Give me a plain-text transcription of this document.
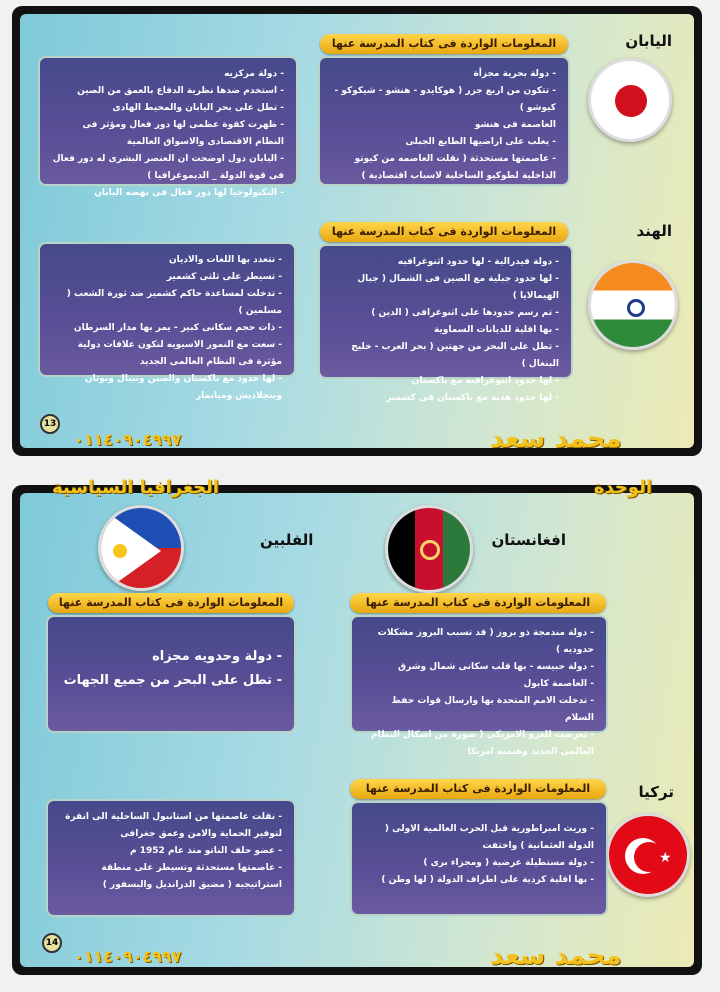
اليابان
المعلومات الواردة فى كتاب المدرسة عنها
- دولة بحرية مجزأة
- تتكون من اربع جزر ( هوكايدو - هنشو - شيكوكو - كيوشو )
العاصمة فى هنشو
- يغلب على اراضيها الطابع الجبلى
- عاصمتها مستحدثة ( نقلت العاصمه من كيوتو الداخلية لطوكيو الساحلية لاسباب اقتصادية )
- دولة مركزيه
- استخدم ضدها نظرية الدفاع بالعمق من الصين
- تطل على بحر اليابان والمحيط الهادى
- ظهرت كقوة عظمى لها دور فعال ومؤثر فى النظام الاقتصادى والاسواق العالمية
- اليابان دول اوضحت ان العنصر البشرى له دور فعال فى قوة الدولة _ الديموغرافيا )
- التكنولوجيا لها دور فعال فى نهضه اليابان
الهند
المعلومات الواردة فى كتاب المدرسة عنها
- دولة فيدرالية - لها حدود اثنوغرافيه
- لها حدود جبلية مع الصين فى الشمال ( جبال الهيمالايا )
- تم رسم حدودها على اثنوغرافى ( الدين )
- بها اقلية للديانات السماوية
- تطل على البحر من جهتين ( بحر العرب - خليج البنغال )
- لها حدود اثنوغرافيه مع باكستان
- لها حدود هدنه مع باكستان فى كشمير
- تتعدد بها اللغات والاديان
- تسيطر على ثلثى كشمير
- تدخلت لمساعدة حاكم كشمير ضد ثورة الشعب ( مسلمين )
- ذات حجم سكانى كبير - يمر بها مدار السرطان
- سعت مع النمور الاسيويه لتكون علاقات دولية مؤثرة فى النظام العالمى الجديد
- لها حدود مع باكستان والصين ونيبال وبوتان وبنجلاديش وميانمار
13	محمد سعد
٠١١٤٠٩٠٤٩٩٧
افغانستان
الفلبين
المعلومات الواردة فى كتاب المدرسة عنها
- دولة مندمجة ذو بروز ( قد تسبب البروز مشكلات حدوديه )
- دولة حبيسه - بها قلب سكانى شمال وشرق
- العاصمة كابول
- تدخلت الامم المتحدة بها وارسال قوات حفظ السلام
- تعرضت للغزو الامريكى ( صورة من اشكال النظام العالمى الجديد وهيمنه امريكا
المعلومات الواردة فى كتاب المدرسة عنها
- دولة وحدويه مجزاه
- تطل على البحر من جميع الجهات
تركيا
★
المعلومات الواردة فى كتاب المدرسة عنها
- وريث امبراطورية قبل الحرب العالمية الاولى ( الدولة العثمانية ) واختفت
- دولة مستطيلة عرضية ( ومجزاء برى )
- بها اقلية كردية على اطراف الدولة ( لها وطن )
- نقلت عاصمتها من استانبول الساحلية الى انقرة لتوفير الحماية والامن وعمق جغرافى
- عضو حلف الناتو منذ عام 1952 م
- عاصمتها مستحدثة وتسيطر على منطقة استراتيجيه ( مضيق الدرانديل والبسفور )
14	محمد سعد
الوحدة
الجغرافيا السياسية
٠١١٤٠٩٠٤٩٩٧
